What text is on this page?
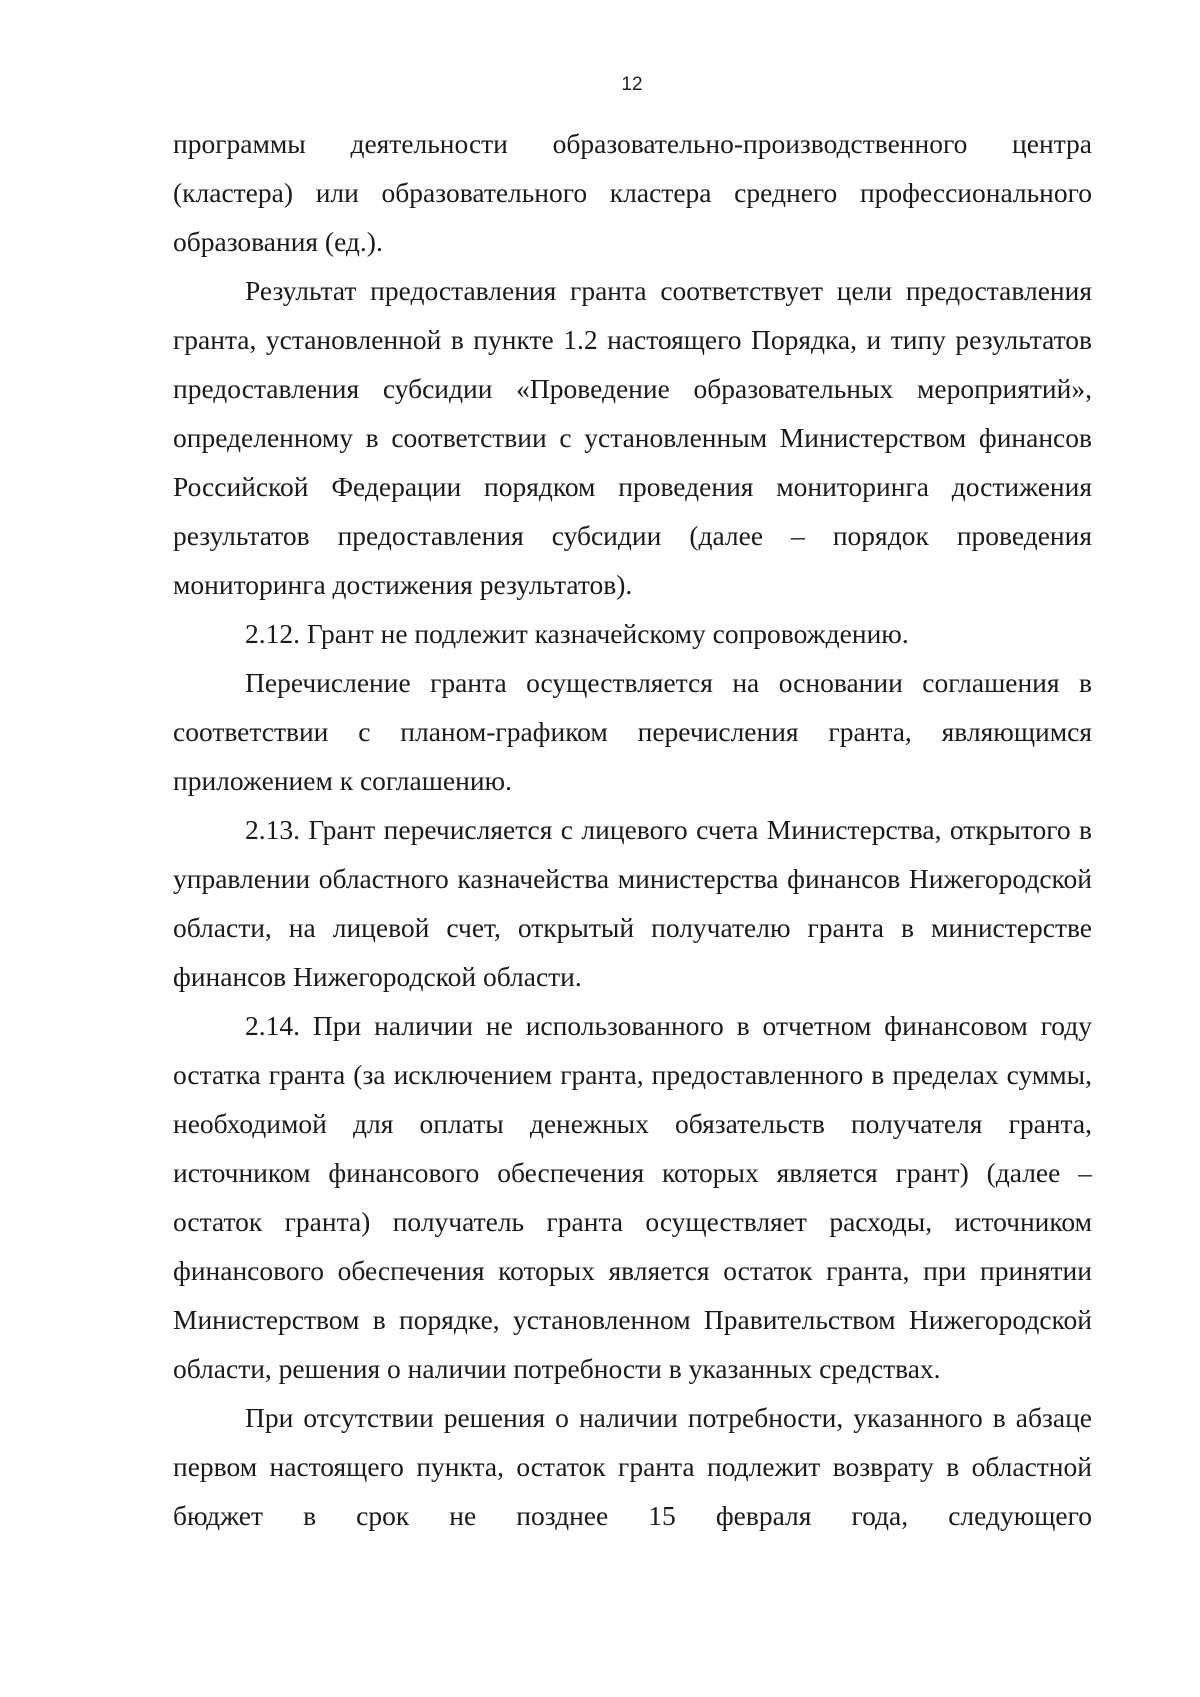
12

программы деятельности образовательно-производственного центра (кластера) или образовательного кластера среднего профессионального образования (ед.).

Результат предоставления гранта соответствует цели предоставления гранта, установленной в пункте 1.2 настоящего Порядка, и типу результатов предоставления субсидии «Проведение образовательных мероприятий», определенному в соответствии с установленным Министерством финансов Российской Федерации порядком проведения мониторинга достижения результатов предоставления субсидии (далее – порядок проведения мониторинга достижения результатов).

2.12. Грант не подлежит казначейскому сопровождению.

Перечисление гранта осуществляется на основании соглашения в соответствии с планом-графиком перечисления гранта, являющимся приложением к соглашению.

2.13. Грант перечисляется с лицевого счета Министерства, открытого в управлении областного казначейства министерства финансов Нижегородской области, на лицевой счет, открытый получателю гранта в министерстве финансов Нижегородской области.

2.14. При наличии не использованного в отчетном финансовом году остатка гранта (за исключением гранта, предоставленного в пределах суммы, необходимой для оплаты денежных обязательств получателя гранта, источником финансового обеспечения которых является грант) (далее – остаток гранта) получатель гранта осуществляет расходы, источником финансового обеспечения которых является остаток гранта, при принятии Министерством в порядке, установленном Правительством Нижегородской области, решения о наличии потребности в указанных средствах.

При отсутствии решения о наличии потребности, указанного в абзаце первом настоящего пункта, остаток гранта подлежит возврату в областной бюджет в срок не позднее 15 февраля года, следующего
